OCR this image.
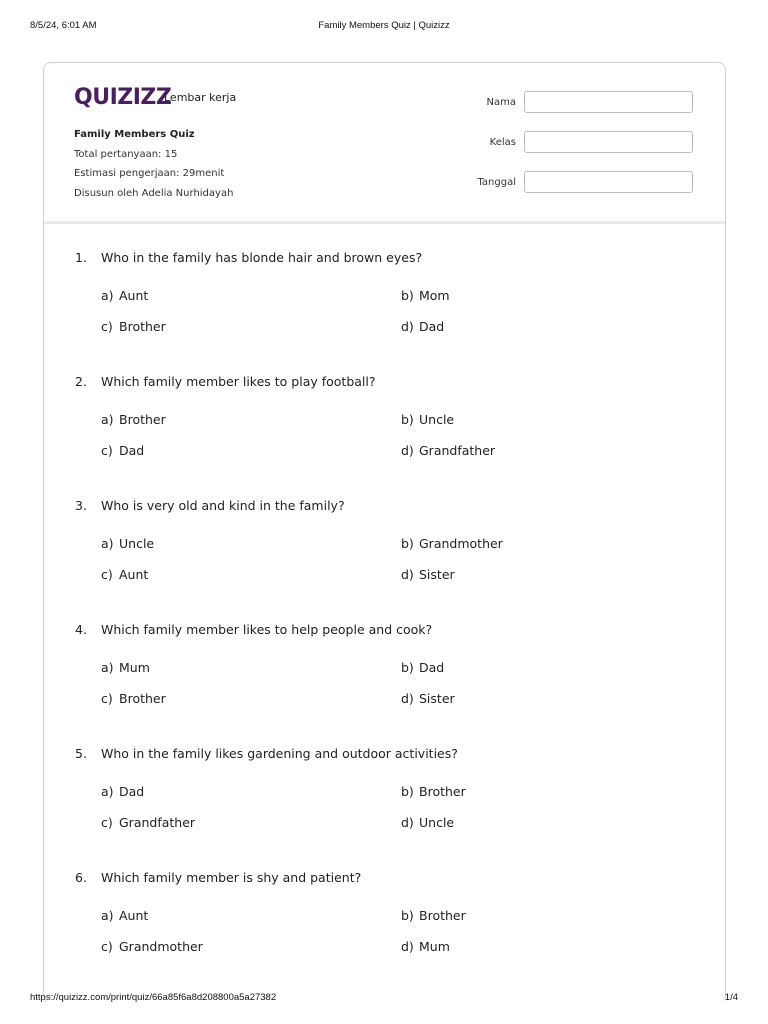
Family Members Quiz | Quizizz
8/5/24, 6:01 AM
QUIZIZZ
Lembar kerja
Family Members Quiz
Total pertanyaan: 15
Estimasi pengerjaan: 29menit
Disusun oleh Adelia Nurhidayah
Nama
Kelas
Tanggal
1. Who in the family has blonde hair and brown eyes?
a) Aunt	b) Mom
c) Brother	d) Dad
2. Which family member likes to play football?
a) Brother	b) Uncle
c) Dad	d) Grandfather
3. Who is very old and kind in the family?
a) Uncle	b) Grandmother
c) Aunt	d) Sister
4. Which family member likes to help people and cook?
a) Mum	b) Dad
c) Brother	d) Sister
5. Who in the family likes gardening and outdoor activities?
a) Dad	b) Brother
c) Grandfather	d) Uncle
6. Which family member is shy and patient?
a) Aunt	b) Brother
c) Grandmother	d) Mum
https://quizizz.com/print/quiz/66a85f6a8d208800a5a27382	1/4
